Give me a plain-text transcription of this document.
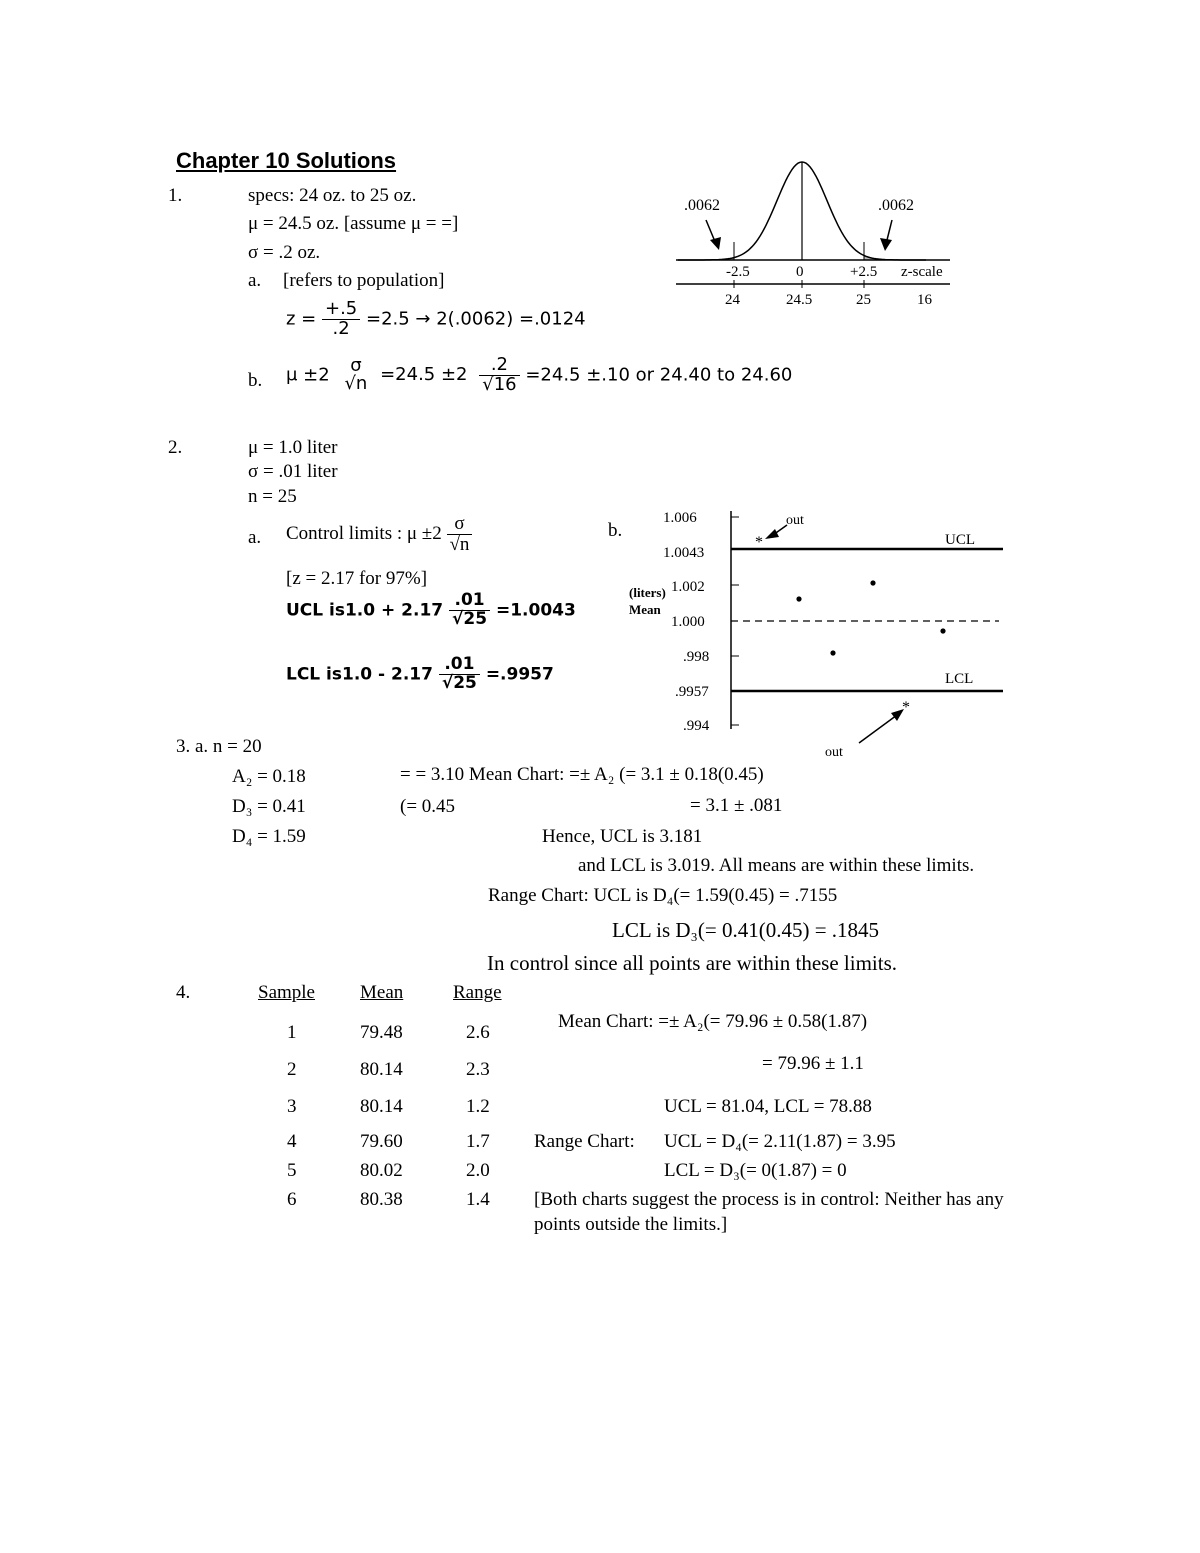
Chapter 10 Solutions
1.	specs: 24 oz. to 25 oz.
μ = 24.5 oz. [assume μ = =]
σ = .2 oz.
a. [refers to population]
$z = \frac{+.5}{.2} =2.5 \to 2(.0062) =.0124$
b. μ ±2	σ
$√n =24.5 \pm 2 \frac{.2}{√16} =24.5 \pm.10$ or 24.40 to 24.60
.0062	.0062
-2.5	0	+2.5 z-scale
24	24.5	25	16
2.	μ = 1.0 liter
σ = .01 liter
n = 25
a. Control limits : $\mu \pm 2 \frac{\sigma}{√n}$
[z = 2.17 for 97%]
UCL $is1.0 + 2.17 \frac{.01}{√25} =1.0043$
LCL $is1.0 - 2.17 \frac{.01}{√25} =.9957$
b.
1.006
1.0043
1.002
1.000
.998
.9957
.994
(liters)
Mean
UCL
LCL
*
*
out
out
3. a. n = 20
A₂ = 0.18
D₃ = 0.41
D₄ = 1.59
= = 3.10 Mean Chart: =± A₂ (= 3.1 ± 0.18(0.45)
(= 0.45	= 3.1 ± .081
Hence, UCL is 3.181
and LCL is 3.019. All means are within these limits.
Range Chart: UCL is D₄(= 1.59(0.45) = .7155
LCL is D₃(= 0.41(0.45) = .1845
In control since all points are within these limits.
4.	Sample Mean	Range
1	79.48	2.6
2	80.14	2.3
3	80.14	1.2
4	79.60	1.7
5	80.02	2.0
6	80.38	1.4
Mean Chart: =± A₂(= 79.96 ± 0.58(1.87)
= 79.96 ± 1.1
UCL = 81.04, LCL = 78.88
Range Chart: UCL = D₄(= 2.11(1.87) = 3.95
LCL = D₃(= 0(1.87) = 0
[Both charts suggest the process is in control: Neither has any
points outside the limits.]
